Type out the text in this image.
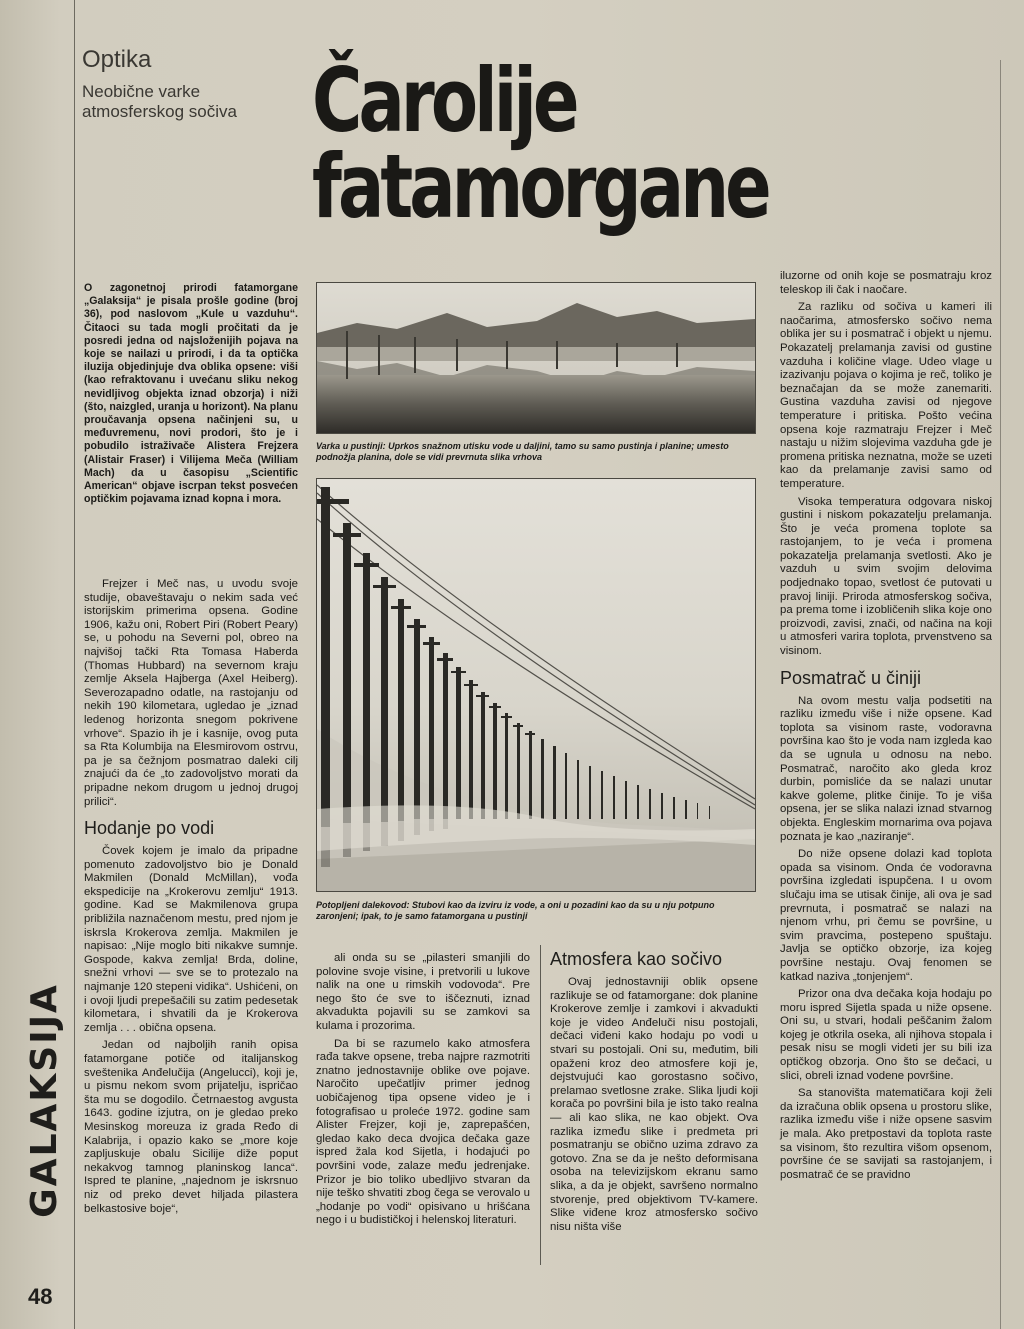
GALAKSIJA
48
Optika
Neobične varke atmosferskog sočiva Čarolije
fatamorgane

O zagonetnoj prirodi fatamorgane „Galaksija“ je pisala prošle godine (broj 36), pod naslovom „Kule u vazduhu“. Čitaoci su tada mogli pročitati da je posredi jedna od najsloženijih pojava na koje se nailazi u prirodi, i da ta optička iluzija objedinjuje dva oblika opsene: viši (kao refraktovanu i uvećanu sliku nekog nevidljivog objekta iznad obzorja) i niži (što, naizgled, uranja u horizont). Na planu proučavanja opsena načinjeni su, u međuvremenu, novi prodori, što je i pobudilo istraživače Alistera Frejzera (Alistair Fraser) i Vilijema Meča (William Mach) da u časopisu „Scientific American“ objave iscrpan tekst posvećen optičkim pojavama iznad kopna i mora.

Frejzer i Meč nas, u uvodu svoje studije, obaveštavaju o nekim sada već istorijskim primerima opsena. Godine 1906, kažu oni, Robert Piri (Robert Peary) se, u pohodu na Severni pol, obreo na najvišoj tački Rta Tomasa Haberda (Thomas Hubbard) na severnom kraju zemlje Aksela Hajberga (Axel Heiberg). Severozapadno odatle, na rastojanju od nekih 190 kilometara, ugledao je „iznad ledenog horizonta snegom pokrivene vrhove“. Spazio ih je i kasnije, ovog puta sa Rta Kolumbija na Elesmirovom ostrvu, pa je sa čežnjom posmatrao daleki cilj znajući da će „to zadovoljstvo morati da pripadne nekom drugom u jednoj drugoj prilici“.

Hodanje po vodi

Čovek kojem je imalo da pripadne pomenuto zadovoljstvo bio je Donald Makmilen (Donald McMillan), vođa ekspedicije na „Krokerovu zemlju“ 1913. godine. Kad se Makmilenova grupa približila naznačenom mestu, pred njom je iskrsla Krokerova zemlja. Makmilen je napisao: „Nije moglo biti nikakve sumnje. Gospode, kakva zemlja! Brda, doline, snežni vrhovi — sve se to protezalo na najmanje 120 stepeni vidika“. Ushićeni, on i ovoji ljudi prepešačili su zatim pedesetak kilometara, i shvatili da je Krokerova zemlja . . . obična opsena.

Jedan od najboljih ranih opisa fatamorgane potiče od italijanskog sveštenika Anđelučija (Angelucci), koji je, u pismu nekom svom prijatelju, ispričao šta mu se dogodilo. Četrnaestog avgusta 1643. godine izjutra, on je gledao preko Mesinskog moreuza iz grada Ređo di Kalabrija, i opazio kako se „more koje zapljuskuje obalu Sicilije diže poput nekakvog tamnog planinskog lanca“. Ispred te planine, „najednom je iskrsnuo niz od preko devet hiljada pilastera belkastosive boje“,

Varka u pustinji: Uprkos snažnom utisku vode u daljini, tamo su samo pustinja i planine; umesto podnožja planina, dole se vidi prevrnuta slika vrhova
Potopljeni dalekovod: Stubovi kao da izviru iz vode, a oni u pozadini kao da su u nju potpuno zaronjeni; ipak, to je samo fatamorgana u pustinji

ali onda su se „pilasteri smanjili do polovine svoje visine, i pretvorili u lukove nalik na one u rimskih vodovoda“. Pre nego što će sve to iščeznuti, iznad akvadukta pojavili su se zamkovi sa kulama i prozorima.

Da bi se razumelo kako atmosfera rađa takve opsene, treba najpre razmotriti znatno jednostavnije oblike ove pojave. Naročito upečatljiv primer jednog uobičajenog tipa opsene video je i fotografisao u proleće 1972. godine sam Alister Frejzer, koji je, zaprepašćen, gledao kako deca dvojica dečaka gaze ispred žala kod Sijetla, i hodajući po površini vode, zalaze među jedrenjake. Prizor je bio toliko ubedljivo stvaran da nije teško shvatiti zbog čega se verovalo u „hodanje po vodi“ opisivano u hrišćana nego i u budističkoj i helenskoj literaturi.

Atmosfera kao sočivo

Ovaj jednostavniji oblik opsene razlikuje se od fatamorgane: dok planine Krokerove zemlje i zamkovi i akvadukti koje je video Anđeluči nisu postojali, dečaci viđeni kako hodaju po vodi u stvari su postojali. Oni su, međutim, bili opaženi kroz deo atmosfere koji je, dejstvujući kao gorostasno sočivo, prelamao svetlosne zrake. Slika ljudi koji korača po površini bila je isto tako realna — ali kao slika, ne kao objekt. Ova razlika između slike i predmeta pri posmatranju se obično uzima zdravo za gotovo. Zna se da je nešto deformisana osoba na televizijskom ekranu samo slika, a da je objekt, savršeno normalno stvorenje, pred objektivom TV-kamere. Slike viđene kroz atmosfersko sočivo nisu ništa više

iluzorne od onih koje se posmatraju kroz teleskop ili čak i naočare.

Za razliku od sočiva u kameri ili naočarima, atmosfersko sočivo nema oblika jer su i posmatrač i objekt u njemu. Pokazatelj prelamanja zavisi od gustine vazduha i količine vlage. Udeo vlage u izazivanju pojava o kojima je reč, toliko je beznačajan da se može zanemariti. Gustina vazduha zavisi od njegove temperature i pritiska. Pošto većina opsena koje razmatraju Frejzer i Meč nastaju u nižim slojevima vazduha gde je promena pritiska neznatna, može se uzeti kao da prelamanje zavisi samo od temperature.

Visoka temperatura odgovara niskoj gustini i niskom pokazatelju prelamanja. Što je veća promena toplote sa rastojanjem, to je veća i promena pokazatelja prelamanja svetlosti. Ako je vazduh u svim svojim delovima podjednako topao, svetlost će putovati u pravoj liniji. Priroda atmosferskog sočiva, pa prema tome i izobličenih slika koje ono proizvodi, zavisi, znači, od načina na koji u atmosferi varira toplota, prvenstveno sa visinom.

Posmatrač u činiji

Na ovom mestu valja podsetiti na razliku između više i niže opsene. Kad toplota sa visinom raste, vodoravna površina kao što je voda nam izgleda kao da se ugnula u odnosu na nebo. Posmatrač, naročito ako gleda kroz durbin, pomisliće da se nalazi unutar kakve goleme, plitke činije. To je viša opsena, jer se slika nalazi iznad stvarnog objekta. Engleskim mornarima ova pojava poznata je kao „naziranje“.

Do niže opsene dolazi kad toplota opada sa visinom. Onda će vodoravna površina izgledati ispupčena. I u ovom slučaju ima se utisak činije, ali ova je sad prevrnuta, i posmatrač se nalazi na njenom vrhu, pri čemu se površine, u svim pravcima, postepeno spuštaju. Javlja se optičko obzorje, iza kojeg površine nestaju. Ovaj fenomen se katkad naziva „tonjenjem“.

Prizor ona dva dečaka koja hodaju po moru ispred Sijetla spada u niže opsene. Oni su, u stvari, hodali peščanim žalom kojeg je otkrila oseka, ali njihova stopala i pesak nisu se mogli videti jer su bili iza optičkog obzorja. Ono što se dečaci, u slici, obreli iznad vodene površine.

Sa stanovišta matematičara koji želi da izračuna oblik opsena u prostoru slike, razlika između više i niže opsene sasvim je mala. Ako pretpostavi da toplota raste sa visinom, što rezultira višom opsenom, površine će se savijati sa rastojanjem, i posmatrač će se pravidno
